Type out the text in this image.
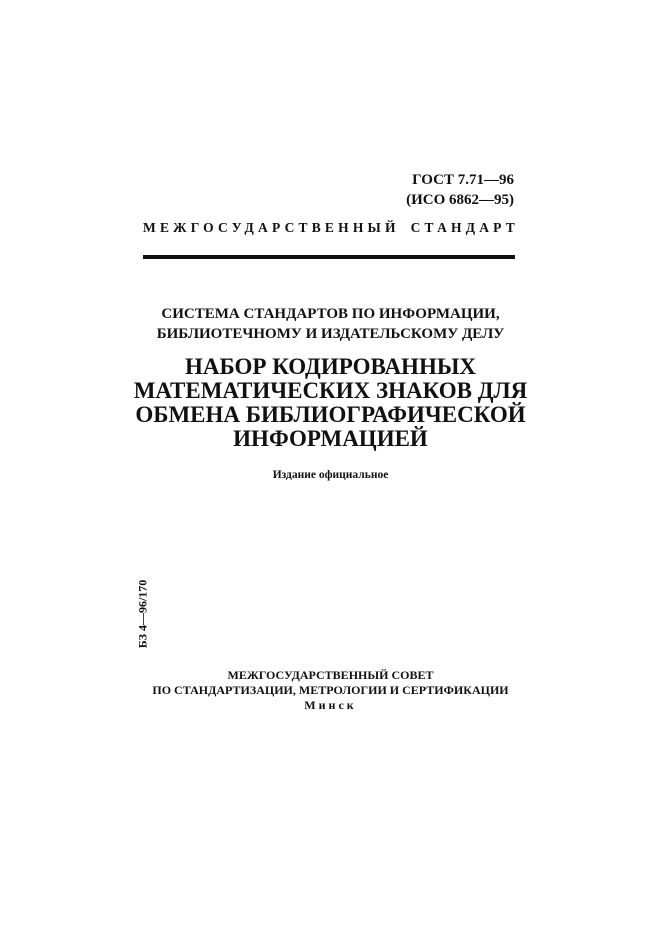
ГОСТ 7.71—96
(ИСО 6862—95)
МЕЖГОСУДАРСТВЕННЫЙ СТАНДАРТ
СИСТЕМА СТАНДАРТОВ ПО ИНФОРМАЦИИ,
БИБЛИОТЕЧНОМУ И ИЗДАТЕЛЬСКОМУ ДЕЛУ
НАБОР КОДИРОВАННЫХ
МАТЕМАТИЧЕСКИХ ЗНАКОВ ДЛЯ
ОБМЕНА БИБЛИОГРАФИЧЕСКОЙ
ИНФОРМАЦИЕЙ
Издание официальное
БЗ 4—96/170
МЕЖГОСУДАРСТВЕННЫЙ СОВЕТ
ПО СТАНДАРТИЗАЦИИ, МЕТРОЛОГИИ И СЕРТИФИКАЦИИ
Минск
